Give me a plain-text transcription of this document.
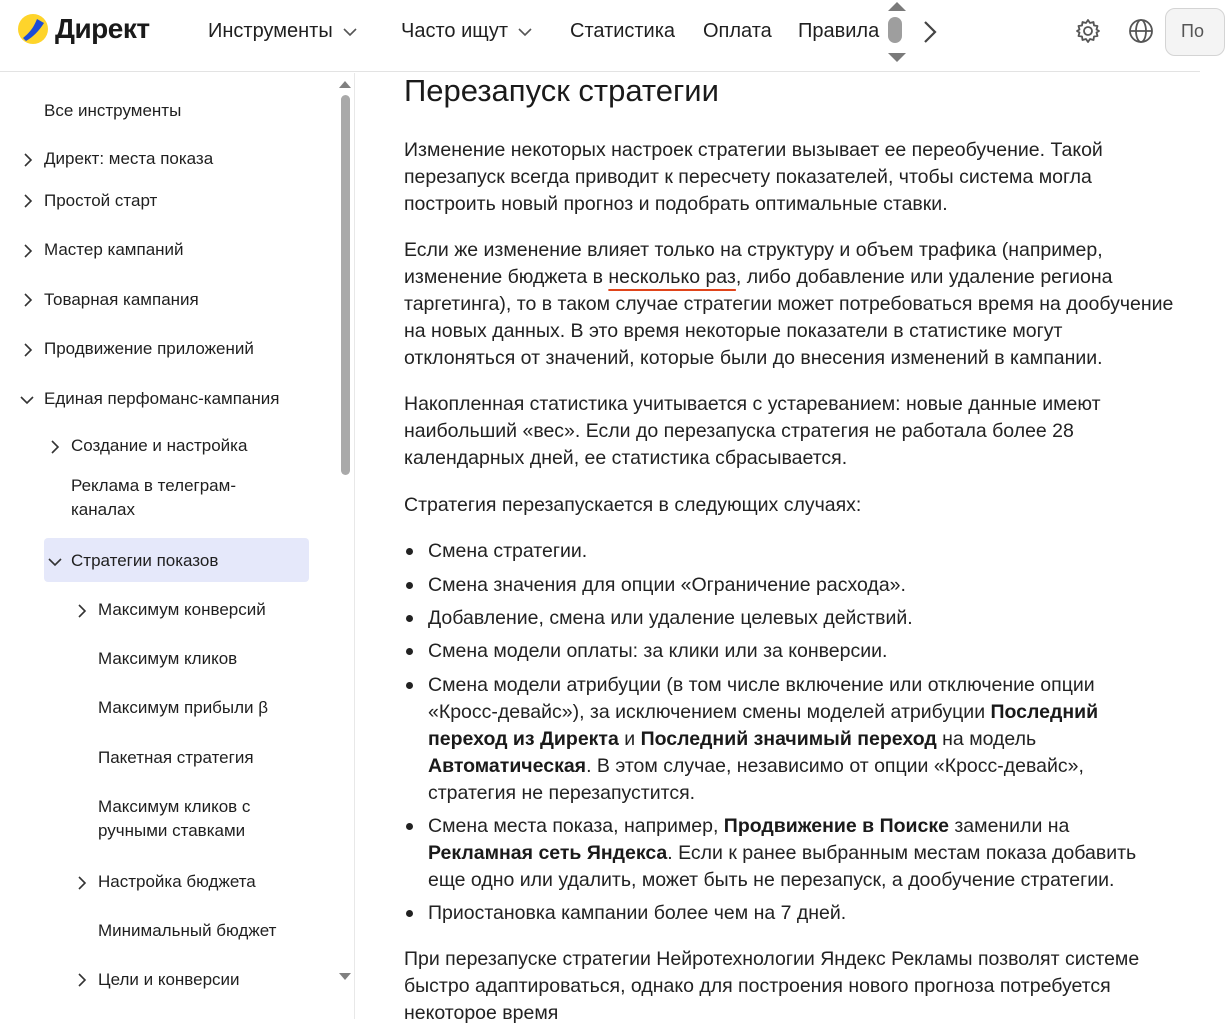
Директ	Инструменты	Часто ищут	Статистика Оплата Правила	По
Все инструменты
Директ: места показа
Простой старт
Мастер кампаний
Товарная кампания
Продвижение приложений
Единая перфоманс-кампания
Создание и настройка
Реклама в телеграм-
каналах
Стратегии показов
Максимум конверсий
Максимум кликов
Максимум прибыли β
Пакетная стратегия
Максимум кликов с
ручными ставками
Настройка бюджета
Минимальный бюджет
Цели и конверсии
Перезапуск стратегии
Изменение некоторых настроек стратегии вызывает ее переобучение. Такой
перезапуск всегда приводит к пересчету показателей, чтобы система могла
построить новый прогноз и подобрать оптимальные ставки.
Если же изменение влияет только на структуру и объем трафика (например,
изменение бюджета в несколько раз, либо добавление или удаление региона
таргетинга), то в таком случае стратегии может потребоваться время на дообучение
на новых данных. В это время некоторые показатели в статистике могут
отклоняться от значений, которые были до внесения изменений в кампании.
Накопленная статистика учитывается с устареванием: новые данные имеют
наибольший «вес». Если до перезапуска стратегия не работала более 28
календарных дней, ее статистика сбрасывается.
Стратегия перезапускается в следующих случаях:
Смена стратегии.
Смена значения для опции «Ограничение расхода».
Добавление, смена или удаление целевых действий.
Смена модели оплаты: за клики или за конверсии.
Смена модели атрибуции (в том числе включение или отключение опции
«Кросс-девайс»), за исключением смены моделей атрибуции Последний
переход из Директа и Последний значимый переход на модель
Автоматическая. В этом случае, независимо от опции «Кросс-девайс»,
стратегия не перезапустится.
Смена места показа, например, Продвижение в Поиске заменили на
Рекламная сеть Яндекса. Если к ранее выбранным местам показа добавить
еще одно или удалить, может быть не перезапуск, а дообучение стратегии.
Приостановка кампании более чем на 7 дней.
При перезапуске стратегии Нейротехнологии Яндекс Рекламы позволят системе
быстро адаптироваться, однако для построения нового прогноза потребуется
некоторое время
